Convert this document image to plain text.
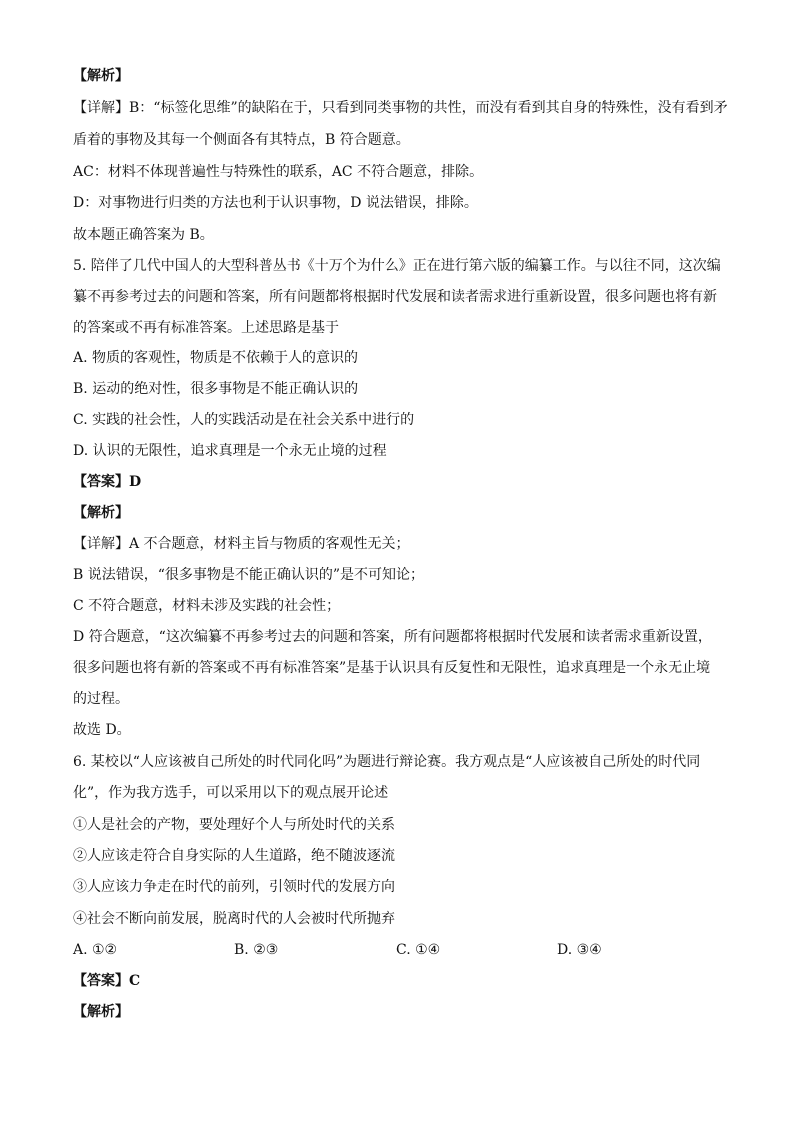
【解析】
【详解】B：“标签化思维”的缺陷在于，只看到同类事物的共性，而没有看到其自身的特殊性，没有看到矛
盾着的事物及其每一个侧面各有其特点，B 符合题意。
AC：材料不体现普遍性与特殊性的联系，AC 不符合题意，排除。
D：对事物进行归类的方法也利于认识事物，D 说法错误，排除。
故本题正确答案为 B。
5. 陪伴了几代中国人的大型科普丛书《十万个为什么》正在进行第六版的编纂工作。与以往不同，这次编
纂不再参考过去的问题和答案，所有问题都将根据时代发展和读者需求进行重新设置，很多问题也将有新
的答案或不再有标准答案。上述思路是基于
A. 物质的客观性，物质是不依赖于人的意识的
B. 运动的绝对性，很多事物是不能正确认识的
C. 实践的社会性，人的实践活动是在社会关系中进行的
D. 认识的无限性，追求真理是一个永无止境的过程
【答案】D
【解析】
【详解】A 不合题意，材料主旨与物质的客观性无关；
B 说法错误，“很多事物是不能正确认识的”是不可知论；
C 不符合题意，材料未涉及实践的社会性；
D 符合题意，“这次编纂不再参考过去的问题和答案，所有问题都将根据时代发展和读者需求重新设置，
很多问题也将有新的答案或不再有标准答案”是基于认识具有反复性和无限性，追求真理是一个永无止境
的过程。
故选 D。
6. 某校以“人应该被自己所处的时代同化吗”为题进行辩论赛。我方观点是“人应该被自己所处的时代同
化”，作为我方选手，可以采用以下的观点展开论述
①人是社会的产物，要处理好个人与所处时代的关系
②人应该走符合自身实际的人生道路，绝不随波逐流
③人应该力争走在时代的前列，引领时代的发展方向
④社会不断向前发展，脱离时代的人会被时代所抛弃
A. ①②	B. ②③	C. ①④	D. ③④
【答案】C
【解析】
